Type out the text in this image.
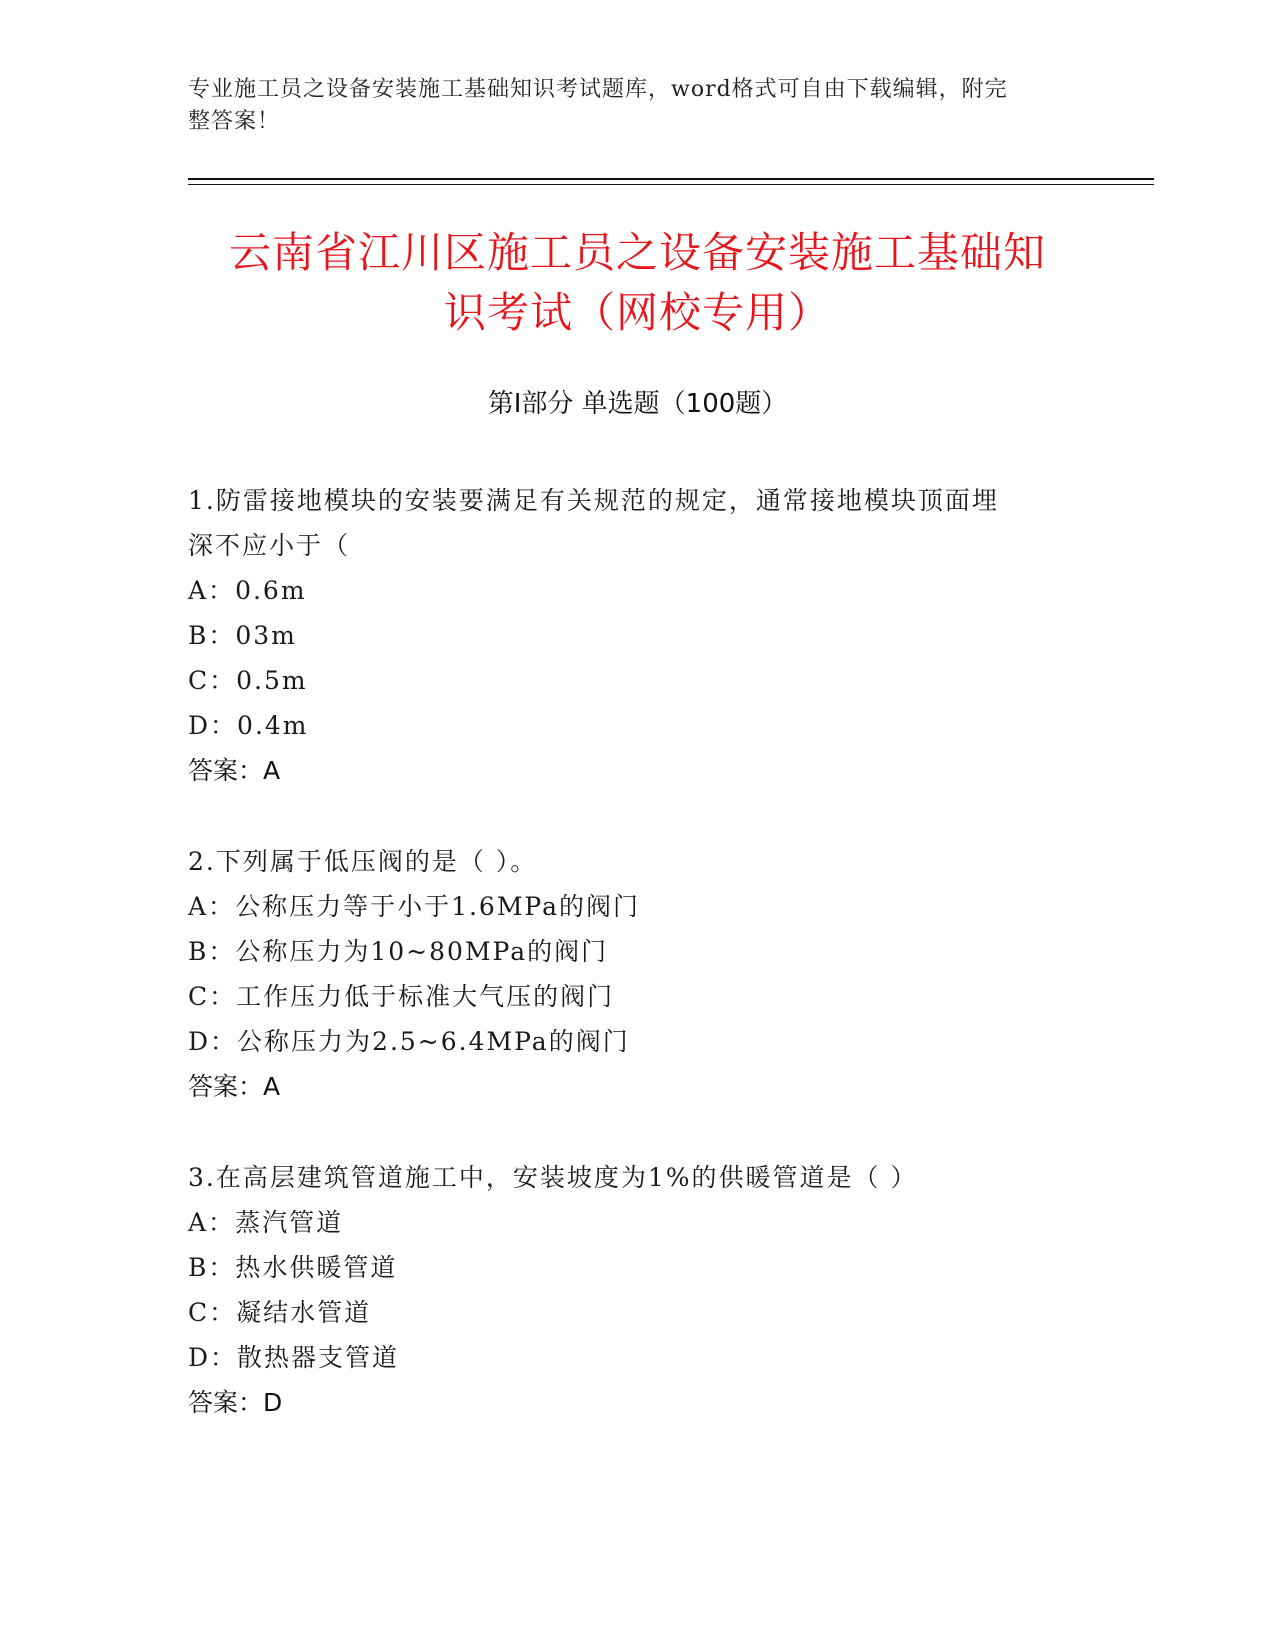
专业施工员之设备安装施工基础知识考试题库，word格式可自由下载编辑，附完
整答案！
云南省江川区施工员之设备安装施工基础知
识考试（网校专用）
第Ⅰ部分 单选题（100题）

1.防雷接地模块的安装要满足有关规范的规定，通常接地模块顶面埋
深不应小于（

A：0.6m

B：03m

C：0.5m

D：0.4m

答案：A

2.下列属于低压阀的是（ ）。

A：公称压力等于小于1.6MPa的阀门

B：公称压力为10~80MPa的阀门

C：工作压力低于标准大气压的阀门

D：公称压力为2.5~6.4MPa的阀门

答案：A

3.在高层建筑管道施工中，安装坡度为1%的供暖管道是（ ）

A：蒸汽管道

B：热水供暖管道

C：凝结水管道

D：散热器支管道

答案：D
